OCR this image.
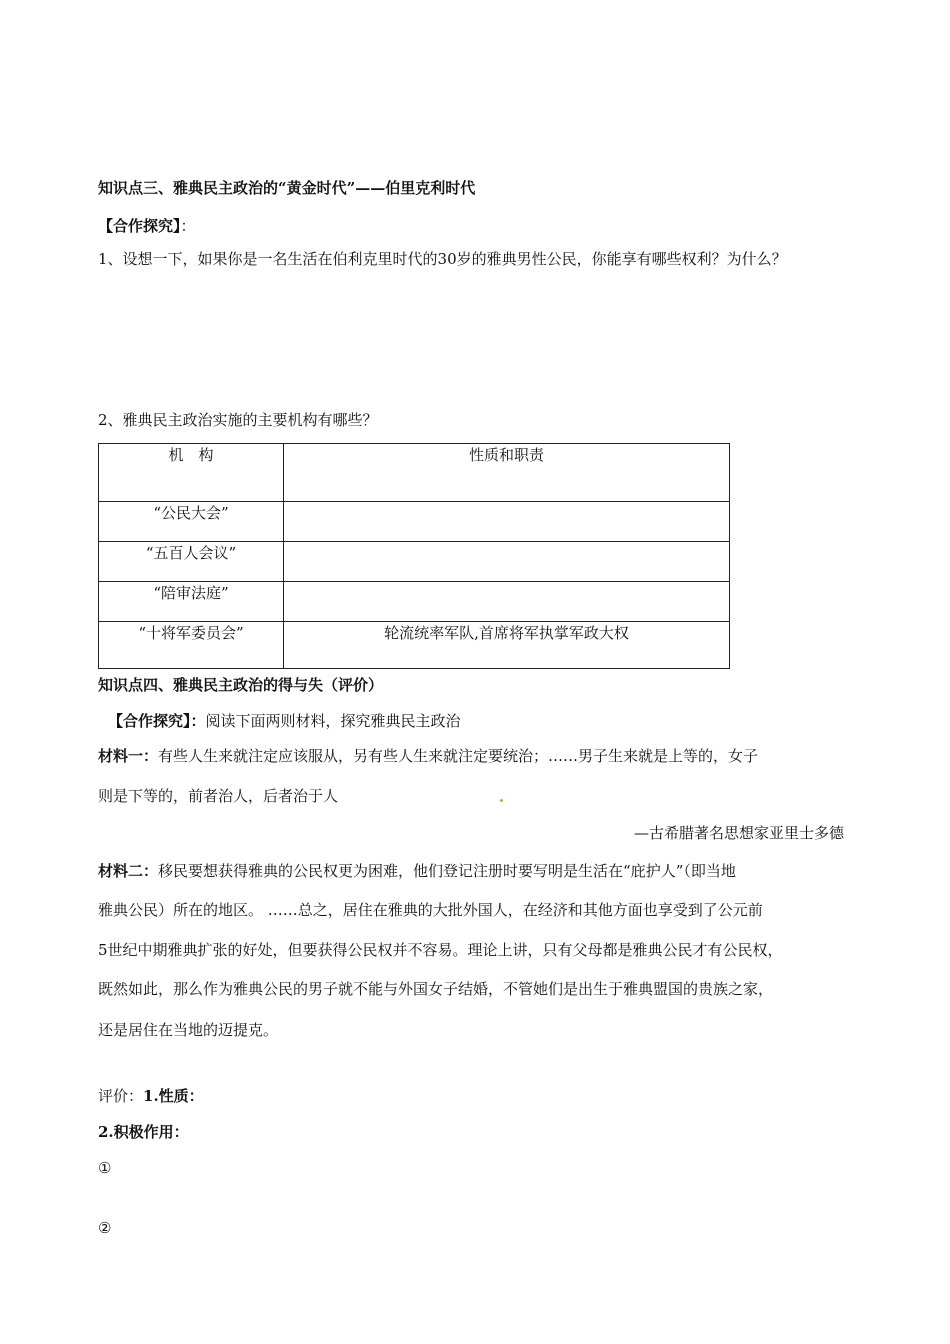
知识点三、雅典民主政治的“黄金时代”——伯里克利时代
【合作探究】：
1、设想一下，如果你是一名生活在伯利克里时代的30岁的雅典男性公民，你能享有哪些权利？为什么？
2、雅典民主政治实施的主要机构有哪些？
机　构	性质和职责
“公民大会”	
“五百人会议”	
“陪审法庭”	
“十将军委员会”	轮流统率军队,首席将军执掌军政大权
知识点四、雅典民主政治的得与失（评价）
【合作探究】：阅读下面两则材料，探究雅典民主政治
材料一：有些人生来就注定应该服从，另有些人生来就注定要统治；……男子生来就是上等的，女子
则是下等的，前者治人，后者治于人
—古希腊著名思想家亚里士多德
材料二：移民要想获得雅典的公民权更为困难，他们登记注册时要写明是生活在“庇护人”（即当地
雅典公民）所在的地区。 ……总之，居住在雅典的大批外国人，在经济和其他方面也享受到了公元前
5世纪中期雅典扩张的好处，但要获得公民权并不容易。理论上讲，只有父母都是雅典公民才有公民权，
既然如此，那么作为雅典公民的男子就不能与外国女子结婚，不管她们是出生于雅典盟国的贵族之家，
还是居住在当地的迈提克。
评价：1.性质：
2.积极作用：
①
②
